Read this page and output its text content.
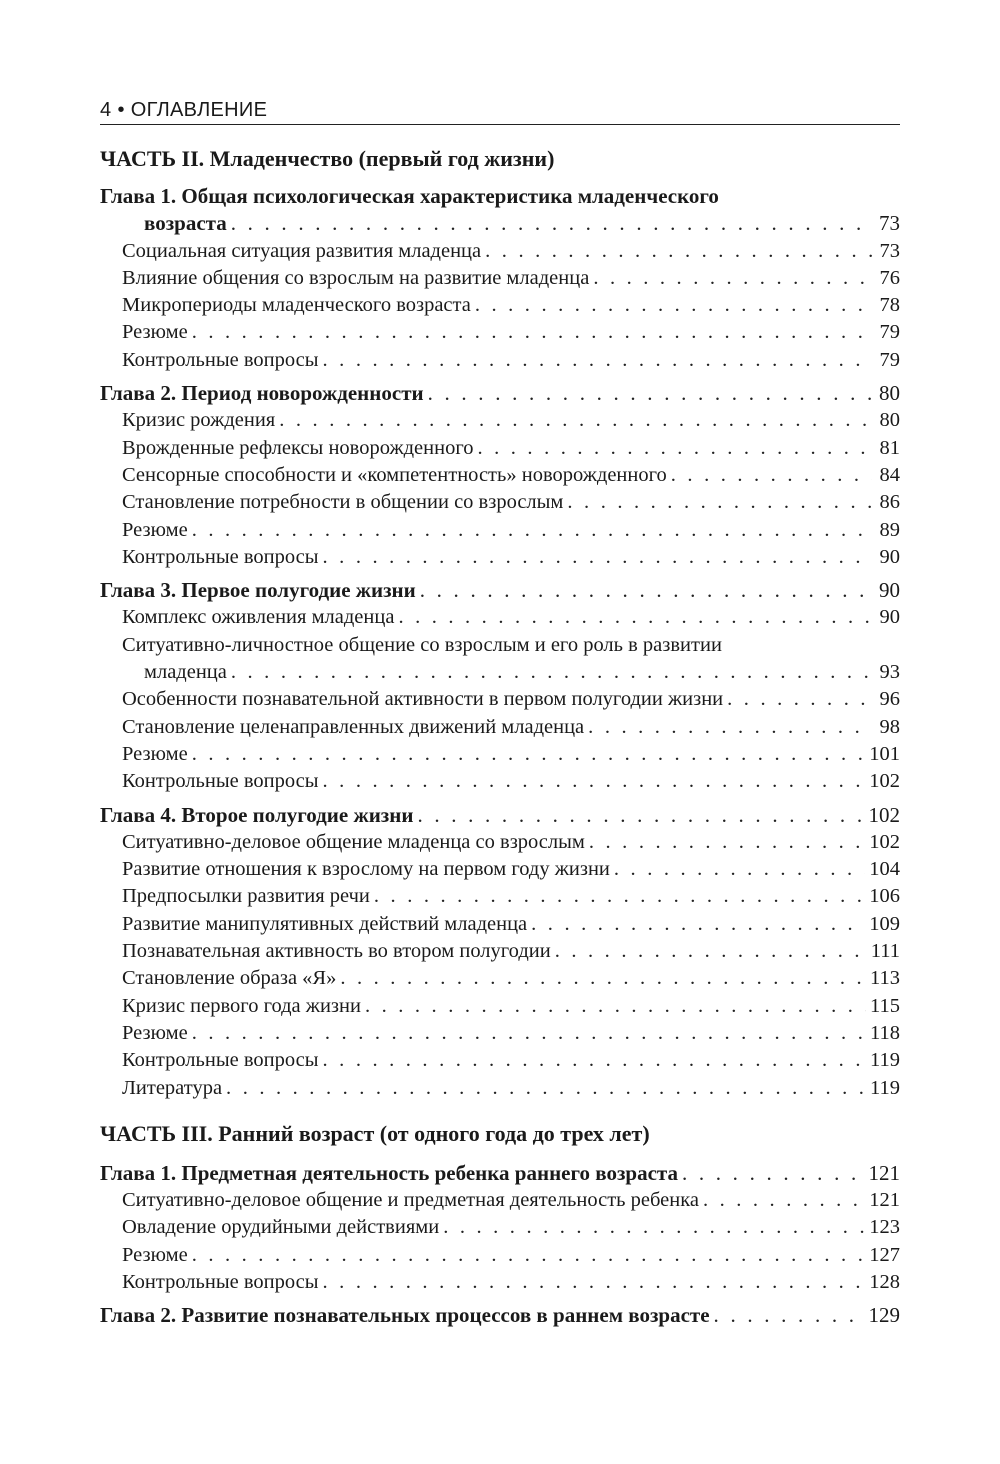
4 • ОГЛАВЛЕНИЕ
ЧАСТЬ II. Младенчество (первый год жизни)
Глава 1. Общая психологическая характеристика младенческого
возраста . . .	73
Социальная ситуация развития младенца . . .	73
Влияние общения со взрослым на развитие младенца . . .	76
Микропериоды младенческого возраста . . .	78
Резюме . . .	79
Контрольные вопросы . . .	79
Глава 2. Период новорожденности . . .	80
Кризис рождения . . .	80
Врожденные рефлексы новорожденного . . .	81
Сенсорные способности и «компетентность» новорожденного . . .	84
Становление потребности в общении со взрослым . . .	86
Резюме . . .	89
Контрольные вопросы . . .	90
Глава 3. Первое полугодие жизни . . .	90
Комплекс оживления младенца . . .	90
Ситуативно-личностное общение со взрослым и его роль в развитии
младенца . . .	93
Особенности познавательной активности в первом полугодии жизни . . .	96
Становление целенаправленных движений младенца . . .	98
Резюме . . .	101
Контрольные вопросы . . .	102
Глава 4. Второе полугодие жизни . . .	102
Ситуативно-деловое общение младенца со взрослым . . .	102
Развитие отношения к взрослому на первом году жизни . . .	104
Предпосылки развития речи . . .	106
Развитие манипулятивных действий младенца . . .	109
Познавательная активность во втором полугодии . . .	111
Становление образа «Я» . . .	113
Кризис первого года жизни . . .	115
Резюме . . .	118
Контрольные вопросы . . .	119
Литература . . .	119
ЧАСТЬ III. Ранний возраст (от одного года до трех лет)
Глава 1. Предметная деятельность ребенка раннего возраста . . .	121
Ситуативно-деловое общение и предметная деятельность ребенка . . .	121
Овладение орудийными действиями . . .	123
Резюме . . .	127
Контрольные вопросы . . .	128
Глава 2. Развитие познавательных процессов в раннем возрасте . . .	129
